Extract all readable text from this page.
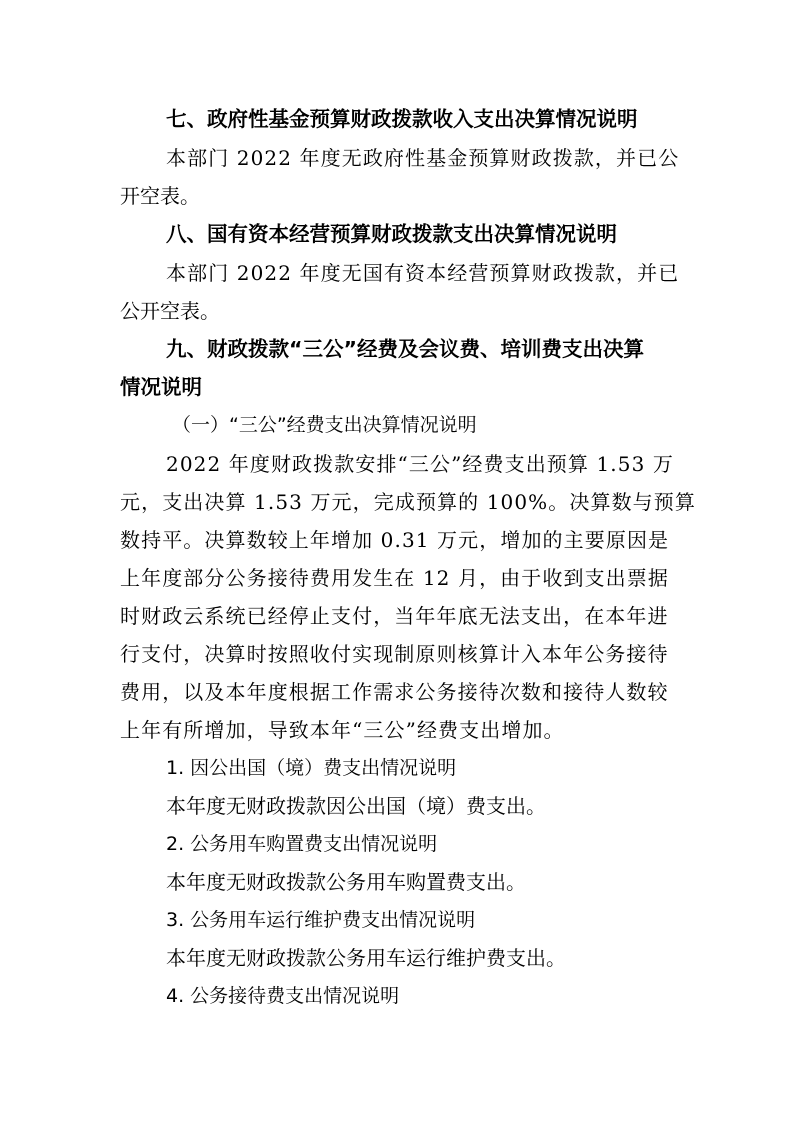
七、政府性基金预算财政拨款收入支出决算情况说明
本部门 2022 年度无政府性基金预算财政拨款，并已公
开空表。
八、国有资本经营预算财政拨款支出决算情况说明
本部门 2022 年度无国有资本经营预算财政拨款，并已
公开空表。
九、财政拨款“三公”经费及会议费、培训费支出决算
情况说明
（一）“三公”经费支出决算情况说明
2022 年度财政拨款安排“三公”经费支出预算 1.53 万
元，支出决算 1.53 万元，完成预算的 100%。决算数与预算
数持平。决算数较上年增加 0.31 万元，增加的主要原因是
上年度部分公务接待费用发生在 12 月，由于收到支出票据
时财政云系统已经停止支付，当年年底无法支出，在本年进
行支付，决算时按照收付实现制原则核算计入本年公务接待
费用，以及本年度根据工作需求公务接待次数和接待人数较
上年有所增加，导致本年“三公”经费支出增加。
1. 因公出国（境）费支出情况说明
本年度无财政拨款因公出国（境）费支出。
2. 公务用车购置费支出情况说明
本年度无财政拨款公务用车购置费支出。
3. 公务用车运行维护费支出情况说明
本年度无财政拨款公务用车运行维护费支出。
4. 公务接待费支出情况说明
